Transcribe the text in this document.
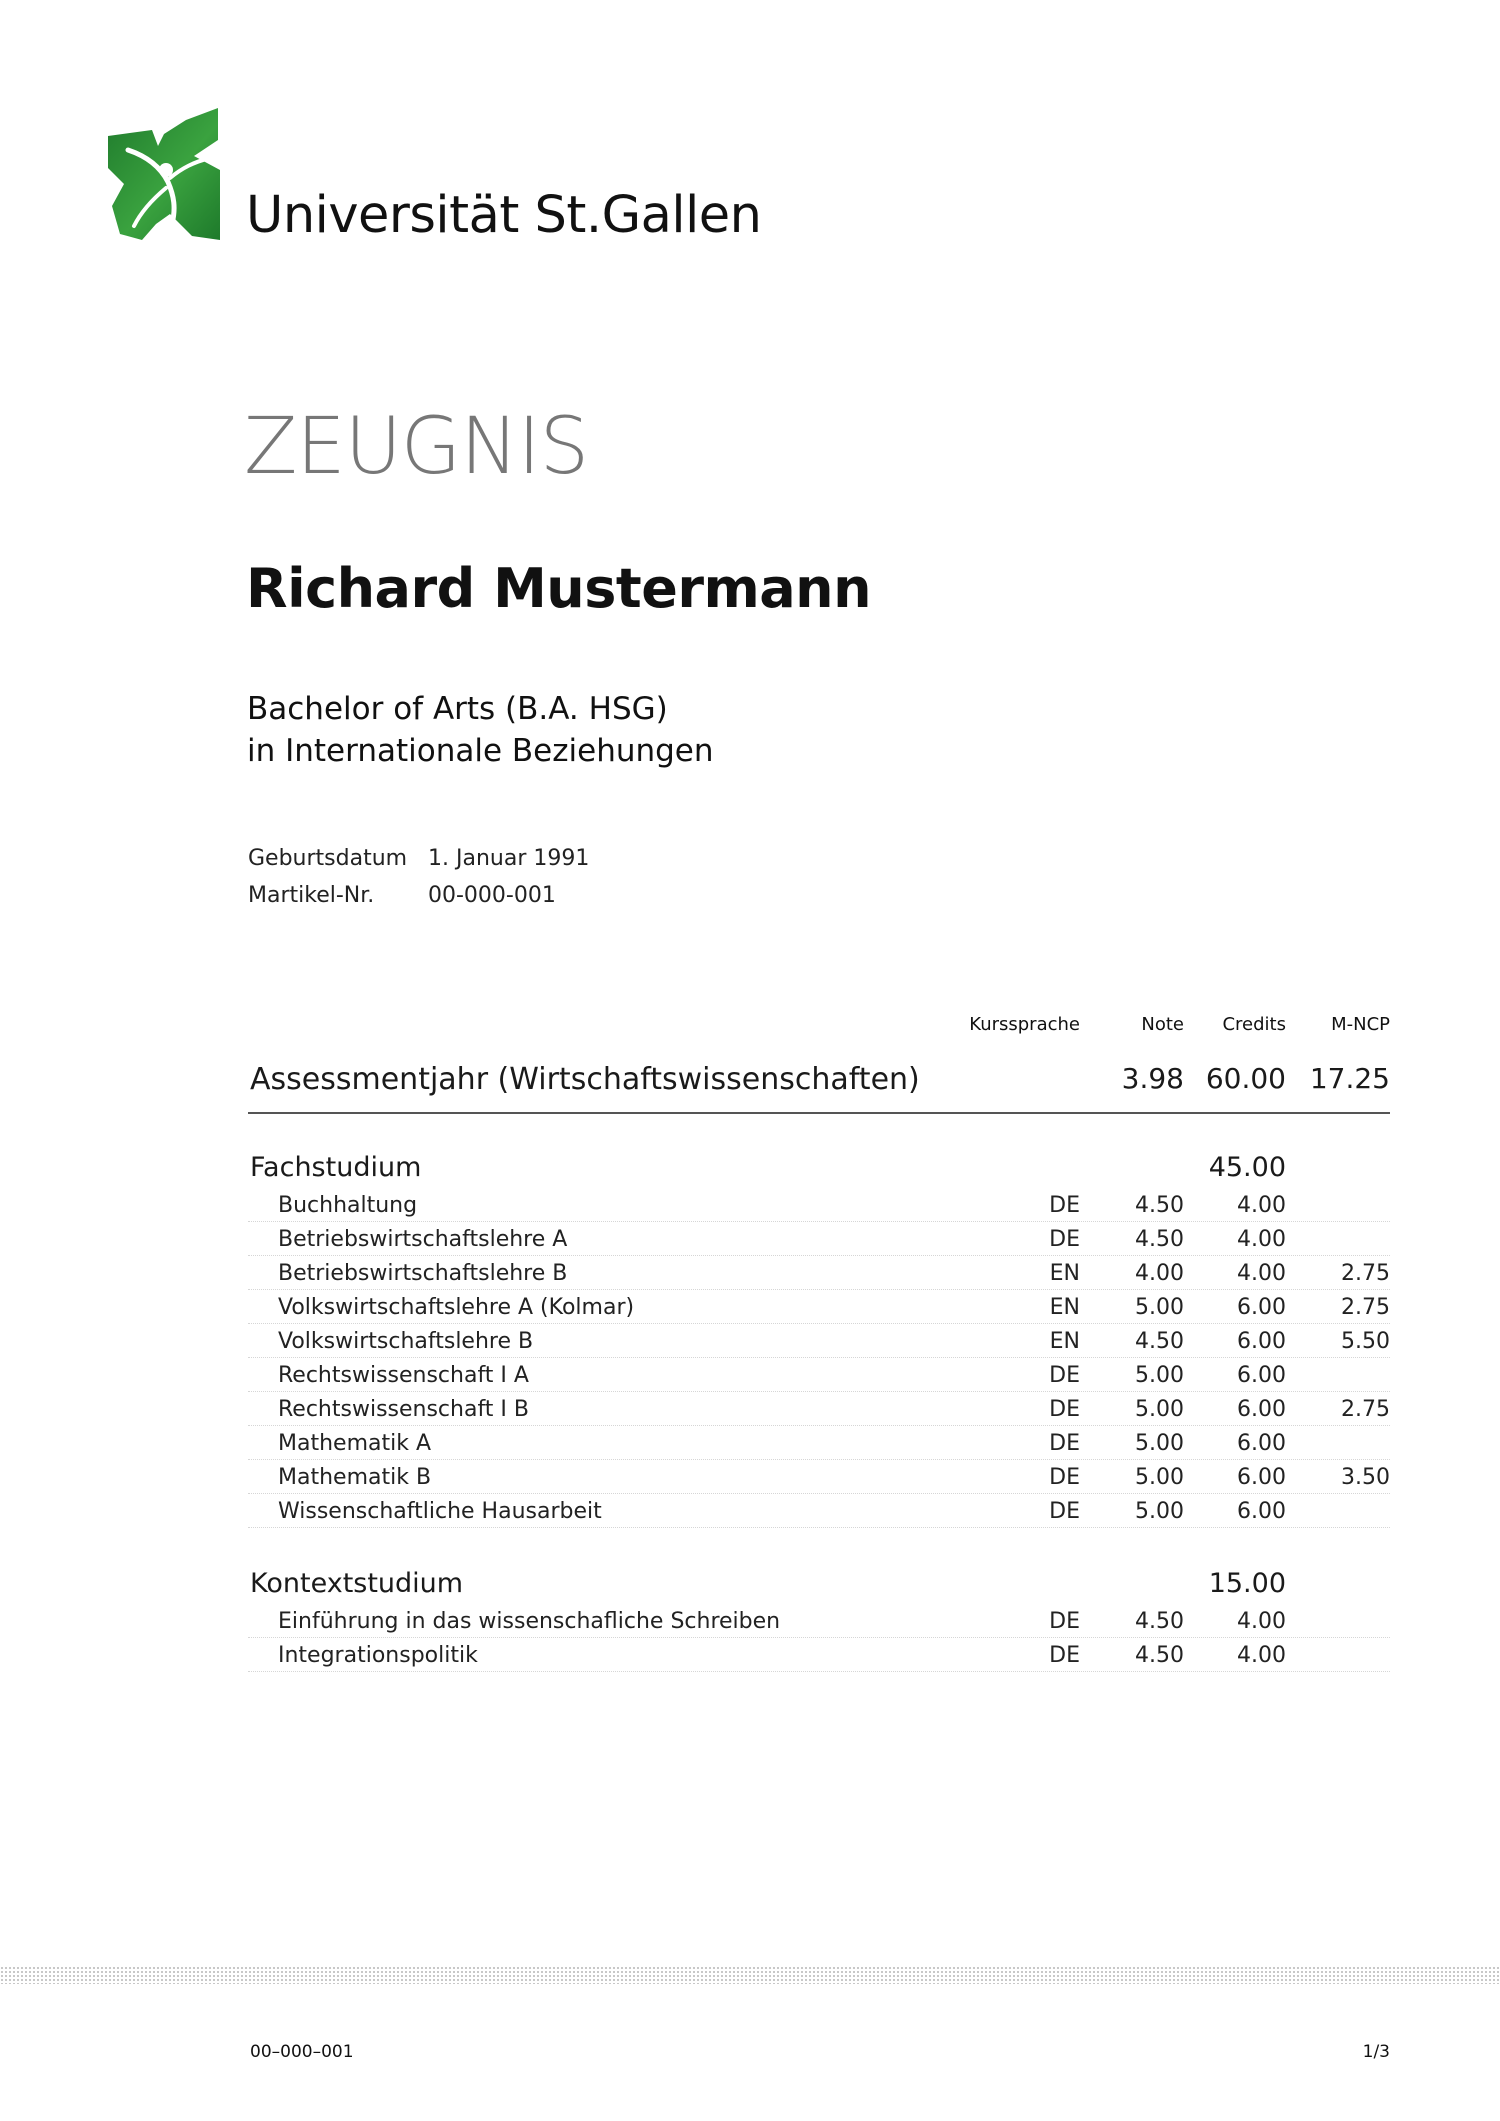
Universität St.Gallen
ZEUGNIS
Richard Mustermann
Bachelor of Arts (B.A. HSG)
in Internationale Beziehungen
Geburtsdatum 1. Januar 1991
Martikel-Nr.	00-000-001
Kurssprache	Note Credits	M-NCP
Assessmentjahr (Wirtschaftswissenschaften)	3.98 60.00 17.25
Fachstudium	45.00
Buchhaltung	DE	4.50 4.00
Betriebswirtschaftslehre A	DE	4.50 4.00
Betriebswirtschaftslehre B	EN	4.00 4.00	2.75
Volkswirtschaftslehre A (Kolmar)	EN	5.00 6.00	2.75
Volkswirtschaftslehre B	EN	4.50 6.00	5.50
Rechtswissenschaft I A	DE	5.00 6.00
Rechtswissenschaft I B	DE	5.00 6.00	2.75
Mathematik A	DE	5.00 6.00
Mathematik B	DE	5.00 6.00	3.50
Wissenschaftliche Hausarbeit	DE	5.00 6.00
Kontextstudium	15.00
Einführung in das wissenschafliche Schreiben	DE	4.50 4.00
Integrationspolitik	DE	4.50 4.00
00–000–001	1/3
